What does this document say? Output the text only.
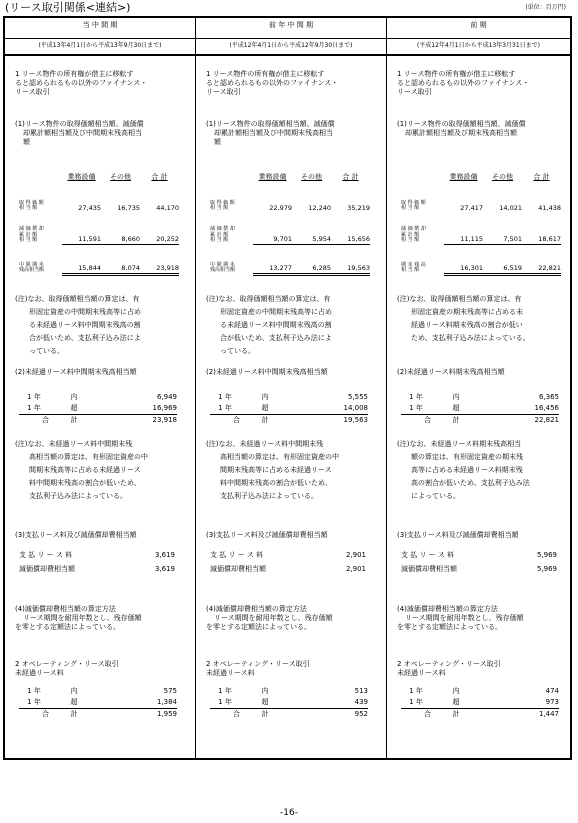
(リース取引関係<連結>)	(単位：百万円)
当 中 間 期
(平成13年4月1日から平成13年9月30日まで)
1 リース物件の所有権が借主に移転す
ると認められるもの以外のファイナンス・
リース取引
(1)リース物件の取得価額相当額、減価償
却累計額相当額及び中間期末残高相当
額
	業務設備	その他	合 計

取 得 価 額
相 当 額	27,435	16,735	44,170

減 価 償 却
累 計 額
相 当 額	11,591	8,660	20,252

中 間 期 末
残高相当額	15,844	8,074	23,918
(注)なお、取得価額相当額の算定は、有
形固定資産の中間期末残高等に占め
る未経過リース料中間期末残高の割
合が低いため、支払利子込み法によ
っている。
(2)未経過リース料中間期末残高相当額
1 年	内	6,949
1 年	超	16,969
合	計	23,918
(注)なお、未経過リース料中間期末残
高相当額の算定は、有形固定資産の中
間期末残高等に占める未経過リース
料中間期末残高の割合が低いため、
支払利子込み法によっている。
(3)支払リース料及び減価償却費相当額
支 払 リ ー ス 料	3,619
減価償却費相当額	3,619
(4)減価償却費相当額の算定方法
リース期間を耐用年数とし、残存価額
を零とする定額法によっている。
2 オペレーティング・リース取引
未経過リース料
1 年	内	575
1 年	超	1,384
合	計	1,959
前 年 中 間 期
(平成12年4月1日から平成12年9月30日まで)
1 リース物件の所有権が借主に移転す
ると認められるもの以外のファイナンス・
リース取引
(1)リース物件の取得価額相当額、減価償
却累計額相当額及び中間期末残高相当
額
	業務設備	その他	合 計

取 得 価 額
相 当 額	22,979	12,240	35,219

減 価 償 却
累 計 額
相 当 額	9,701	5,954	15,656

中 間 期 末
残高相当額	13,277	6,285	19,563
(注)なお、取得価額相当額の算定は、有
形固定資産の中間期末残高等に占め
る未経過リース料中間期末残高の割
合が低いため、支払利子込み法によ
っている。
(2)未経過リース料中間期末残高相当額
1 年	内	5,555
1 年	超	14,008
合	計	19,563
(注)なお、未経過リース料中間期末残
高相当額の算定は、有形固定資産の中
間期末残高等に占める未経過リース
料中間期末残高の割合が低いため、
支払利子込み法によっている。
(3)支払リース料及び減価償却費相当額
支 払 リ ー ス 料	2,901
減価償却費相当額	2,901
(4)減価償却費相当額の算定方法
リース期間を耐用年数とし、残存価額
を零とする定額法によっている。
2 オペレーティング・リース取引
未経過リース料
1 年	内	513
1 年	超	439
合	計	952
前 期
(平成12年4月1日から平成13年3月31日まで)
1 リース物件の所有権が借主に移転す
ると認められるもの以外のファイナンス・
リース取引
(1)リース物件の取得価額相当額、減価償
却累計額相当額及び期末残高相当額
	業務設備	その他	合 計

取 得 価 額
相 当 額	27,417	14,021	41,438

減 価 償 却
累 計 額
相 当 額	11,115	7,501	18,617

期 末 残 高
相 当 額	16,301	6,519	22,821
(注)なお、取得価額相当額の算定は、有
形固定資産の期末残高等に占める未
経過リース料期末残高の割合が低い
ため、支払利子込み法によっている。
(2)未経過リース料期末残高相当額
1 年	内	6,365
1 年	超	16,456
合	計	22,821
(注)なお、未経過リース料期末残高相当
額の算定は、有形固定資産の期末残
高等に占める未経過リース料期末残
高の割合が低いため、支払利子込み法
によっている。
(3)支払リース料及び減価償却費相当額
支 払 リ ー ス 料	5,969
減価償却費相当額	5,969
(4)減価償却費相当額の算定方法
リース期間を耐用年数とし、残存価額
を零とする定額法によっている。
2 オペレーティング・リース取引
未経過リース料
1 年	内	474
1 年	超	973
合	計	1,447
-16-
